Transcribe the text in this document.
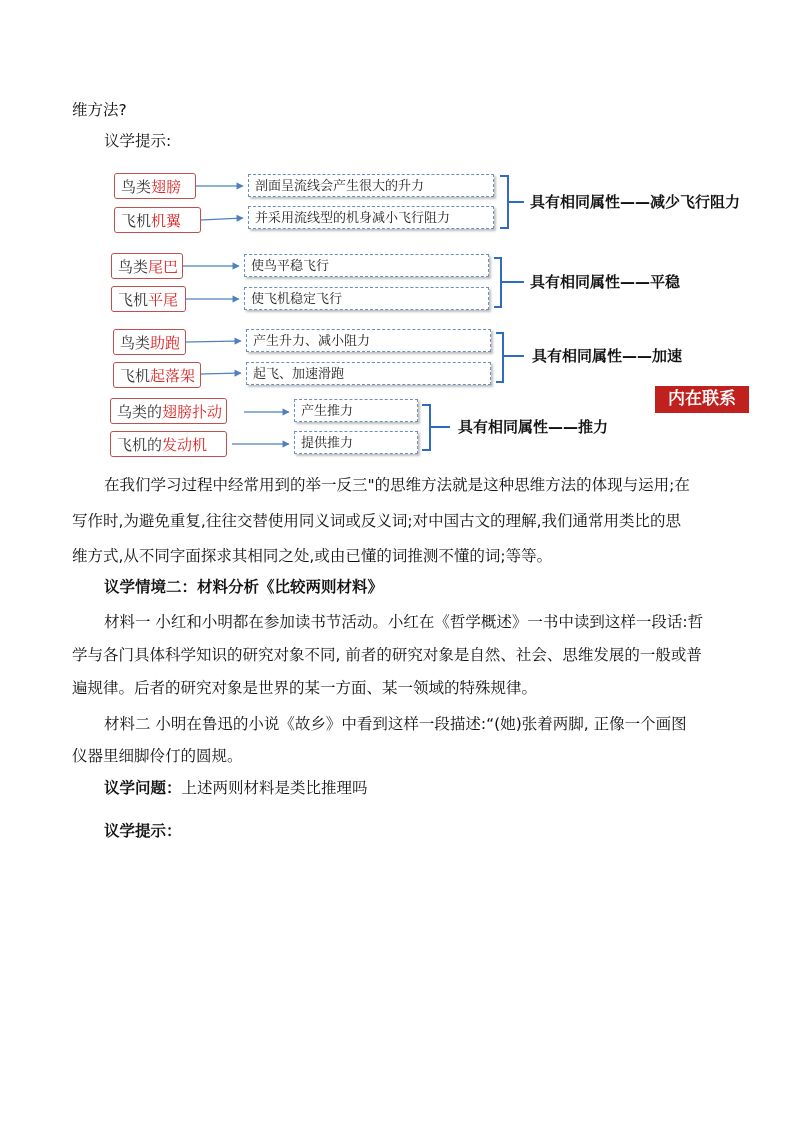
维方法?
议学提示:
鸟类翅膀	剖面呈流线会产生很大的升力
飞机机翼	并采用流线型的机身减小飞行阻力
具有相同属性——减少飞行阻力
鸟类尾巴	使鸟平稳飞行
飞机平尾	使飞机稳定飞行
具有相同属性——平稳
鸟类助跑	产生升力、减小阻力
飞机起落架	起飞、加速滑跑
具有相同属性——加速
乌类的翅膀扑动	产生推力
飞机的发动机	提供推力
具有相同属性——推力
内在联系
在我们学习过程中经常用到的举一反三"的思维方法就是这种思维方法的体现与运用;在
写作时,为避免重复,往往交替使用同义词或反义词;对中国古文的理解,我们通常用类比的思
维方式,从不同字面探求其相同之处,或由已懂的词推测不懂的词;等等。
议学情境二：材料分析《比较两则材料》
材料一 小红和小明都在参加读书节活动。小红在《哲学概述》一书中读到这样一段话:哲
学与各门具体科学知识的研究对象不同, 前者的研究对象是自然、社会、思维发展的一般或普
遍规律。后者的研究对象是世界的某一方面、某一领域的特殊规律。
材料二 小明在鲁迅的小说《故乡》中看到这样一段描述:“(她)张着两脚, 正像一个画图
仪器里细脚伶仃的圆规。
议学问题：上述两则材料是类比推理吗
议学提示：
